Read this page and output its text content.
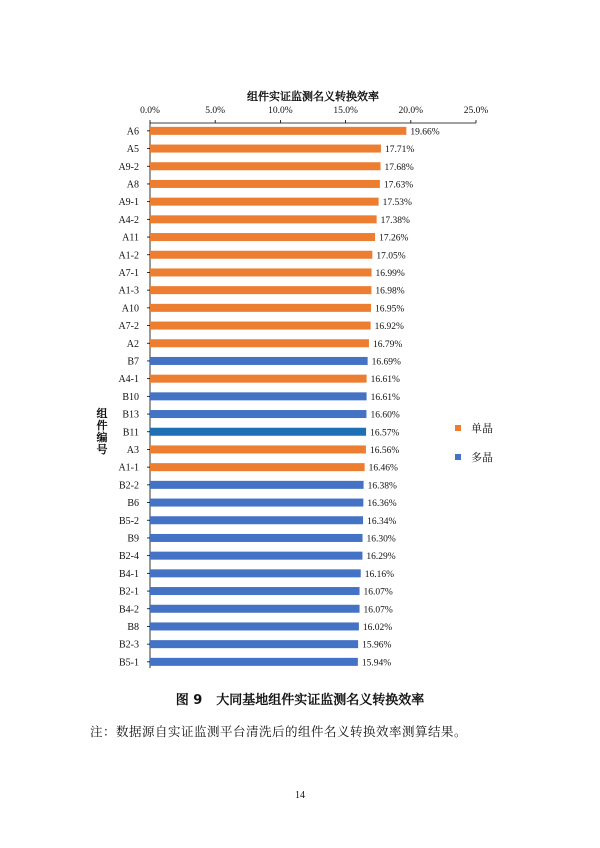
0.0%	5.0%	10.0%	15.0%	20.0%	25.0%
A6	19.66%
A5	17.71%
A9-2	17.68%
A8	17.63%
A9-1	17.53%
A4-2	17.38%
A11	17.26%
A1-2	17.05%
A7-1	16.99%
A1-3	16.98%
A10	16.95%
A7-2	16.92%
A2	16.79%
B7	16.69%
A4-1	16.61%
B10	16.61%
B13	16.60%
B11	16.57%
A3	16.56%
A1-1	16.46%
B2-2	16.38%
B6	16.36%
B5-2	16.34%
B9	16.30%
B2-4	16.29%
B4-1	16.16%
B2-1	16.07%
B4-2	16.07%
B8	16.02%
B2-3	15.96%
B5-1	15.94%
组件实证监测名义转换效率
组件编号
单晶
多晶
图 9 大同基地组件实证监测名义转换效率
注：数据源自实证监测平台清洗后的组件名义转换效率测算结果。
14
